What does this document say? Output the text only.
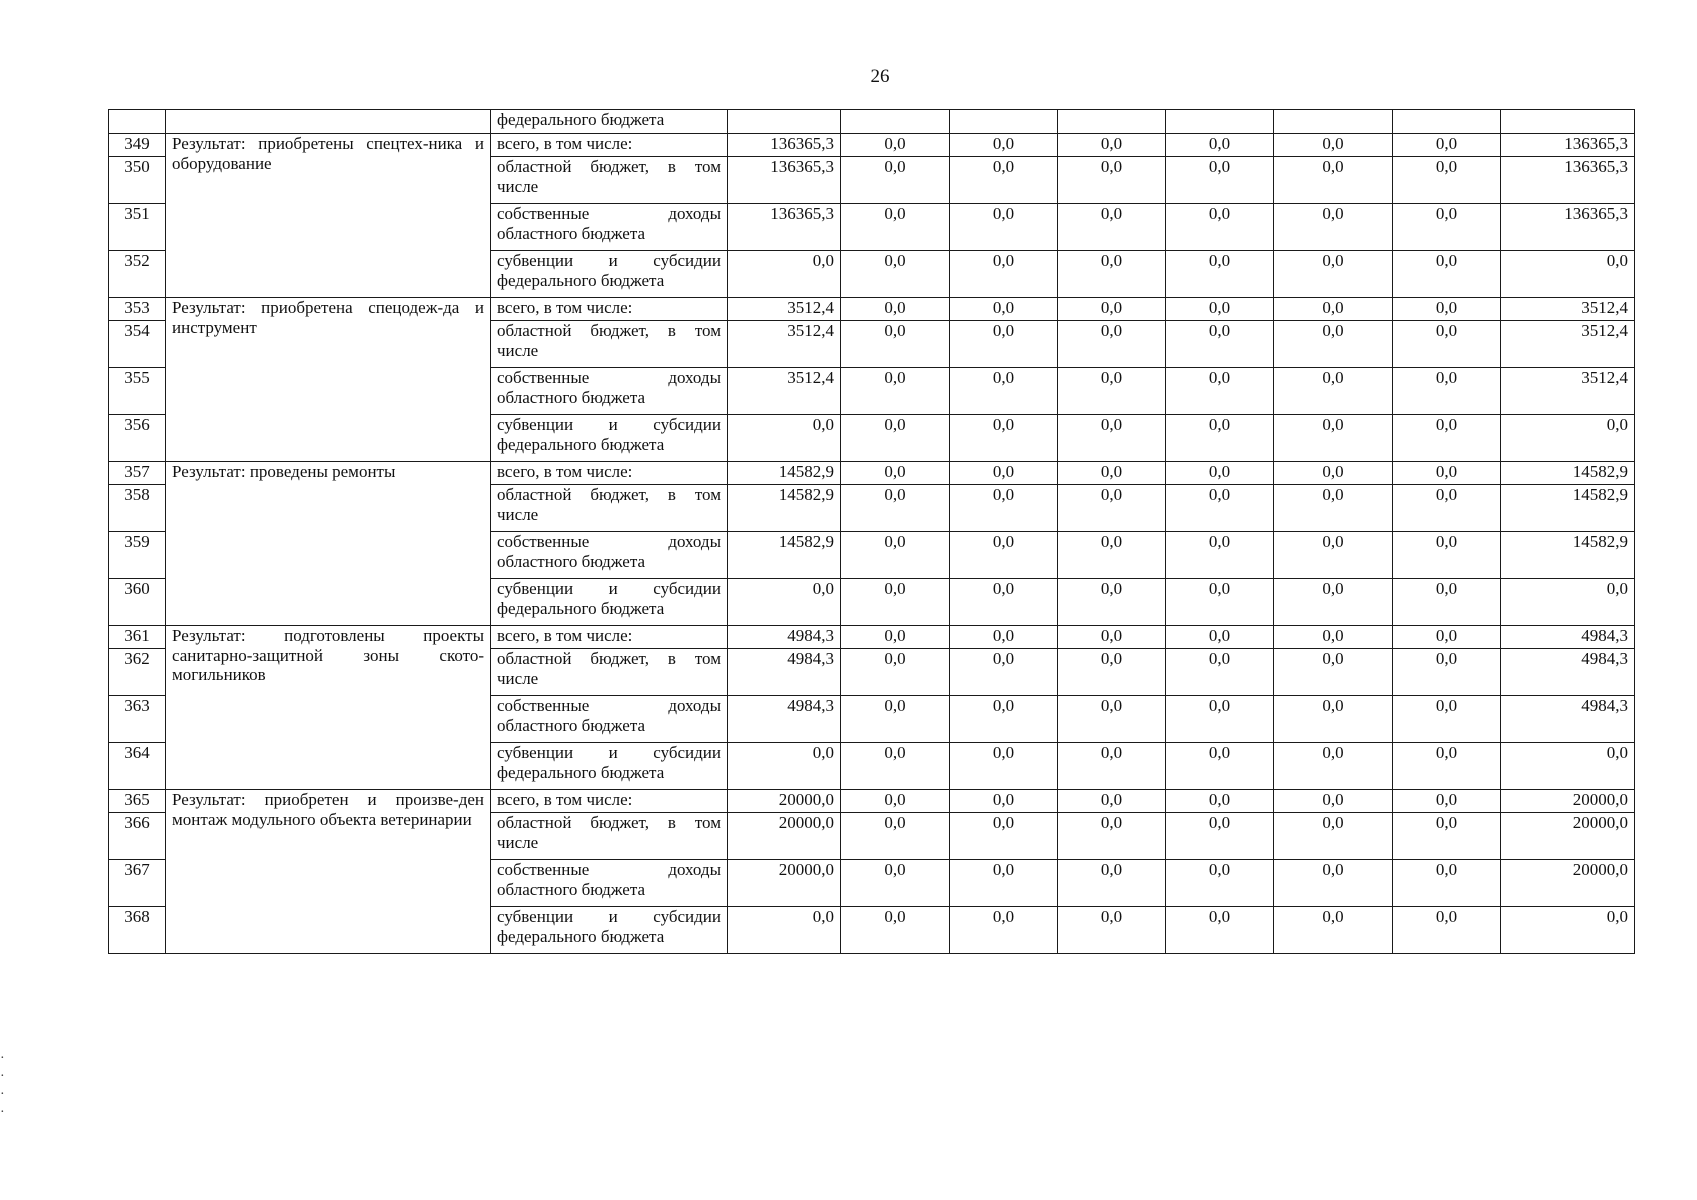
26
		федерального бюджета								
349	Результат: приобретены спецтех-ника и оборудование	всего, в том числе:	136365,3	0,0	0,0	0,0	0,0	0,0	0,0	136365,3
350		областной бюджет, в том числе	136365,3	0,0	0,0	0,0	0,0	0,0	0,0	136365,3
351		собственные доходы областного бюджета	136365,3	0,0	0,0	0,0	0,0	0,0	0,0	136365,3
352		субвенции и субсидии федерального бюджета	0,0	0,0	0,0	0,0	0,0	0,0	0,0	0,0
353	Результат: приобретена спецодеж-да и инструмент	всего, в том числе:	3512,4	0,0	0,0	0,0	0,0	0,0	0,0	3512,4
354		областной бюджет, в том числе	3512,4	0,0	0,0	0,0	0,0	0,0	0,0	3512,4
355		собственные доходы областного бюджета	3512,4	0,0	0,0	0,0	0,0	0,0	0,0	3512,4
356		субвенции и субсидии федерального бюджета	0,0	0,0	0,0	0,0	0,0	0,0	0,0	0,0
357	Результат: проведены ремонты	всего, в том числе:	14582,9	0,0	0,0	0,0	0,0	0,0	0,0	14582,9
358		областной бюджет, в том числе	14582,9	0,0	0,0	0,0	0,0	0,0	0,0	14582,9
359		собственные доходы областного бюджета	14582,9	0,0	0,0	0,0	0,0	0,0	0,0	14582,9
360		субвенции и субсидии федерального бюджета	0,0	0,0	0,0	0,0	0,0	0,0	0,0	0,0
361	Результат: подготовлены проекты санитарно-защитной зоны ското-могильников	всего, в том числе:	4984,3	0,0	0,0	0,0	0,0	0,0	0,0	4984,3
362		областной бюджет, в том числе	4984,3	0,0	0,0	0,0	0,0	0,0	0,0	4984,3
363		собственные доходы областного бюджета	4984,3	0,0	0,0	0,0	0,0	0,0	0,0	4984,3
364		субвенции и субсидии федерального бюджета	0,0	0,0	0,0	0,0	0,0	0,0	0,0	0,0
365	Результат: приобретен и произве-ден монтаж модульного объекта ветеринарии	всего, в том числе:	20000,0	0,0	0,0	0,0	0,0	0,0	0,0	20000,0
366		областной бюджет, в том числе	20000,0	0,0	0,0	0,0	0,0	0,0	0,0	20000,0
367		собственные доходы областного бюджета	20000,0	0,0	0,0	0,0	0,0	0,0	0,0	20000,0
368		субвенции и субсидии федерального бюджета	0,0	0,0	0,0	0,0	0,0	0,0	0,0	0,0
·
·
·
·
